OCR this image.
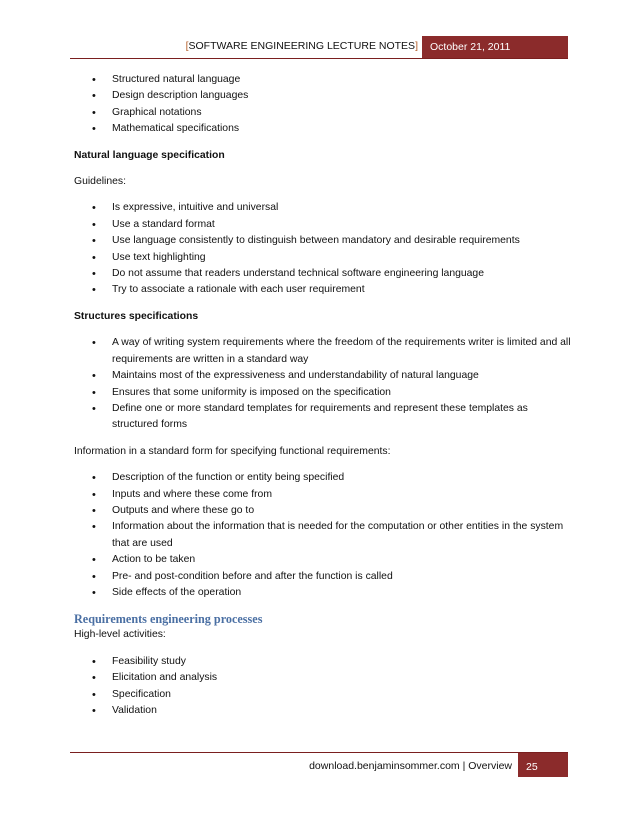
[SOFTWARE ENGINEERING LECTURE NOTES]	October 21, 2011
• Structured natural language
• Design description languages
• Graphical notations
• Mathematical specifications

Natural language specification

Guidelines:

• Is expressive, intuitive and universal
• Use a standard format
• Use language consistently to distinguish between mandatory and desirable requirements
• Use text highlighting
• Do not assume that readers understand technical software engineering language
• Try to associate a rationale with each user requirement

Structures specifications

• A way of writing system requirements where the freedom of the requirements writer is limited and all requirements are written in a standard way
• Maintains most of the expressiveness and understandability of natural language
• Ensures that some uniformity is imposed on the specification
• Define one or more standard templates for requirements and represent these templates as structured forms

Information in a standard form for specifying functional requirements:

• Description of the function or entity being specified
• Inputs and where these come from
• Outputs and where these go to
• Information about the information that is needed for the computation or other entities in the system that are used
• Action to be taken
• Pre- and post-condition before and after the function is called
• Side effects of the operation

Requirements engineering processes

High-level activities:

• Feasibility study
• Elicitation and analysis
• Specification
• Validation
download.benjaminsommer.com | Overview	25
